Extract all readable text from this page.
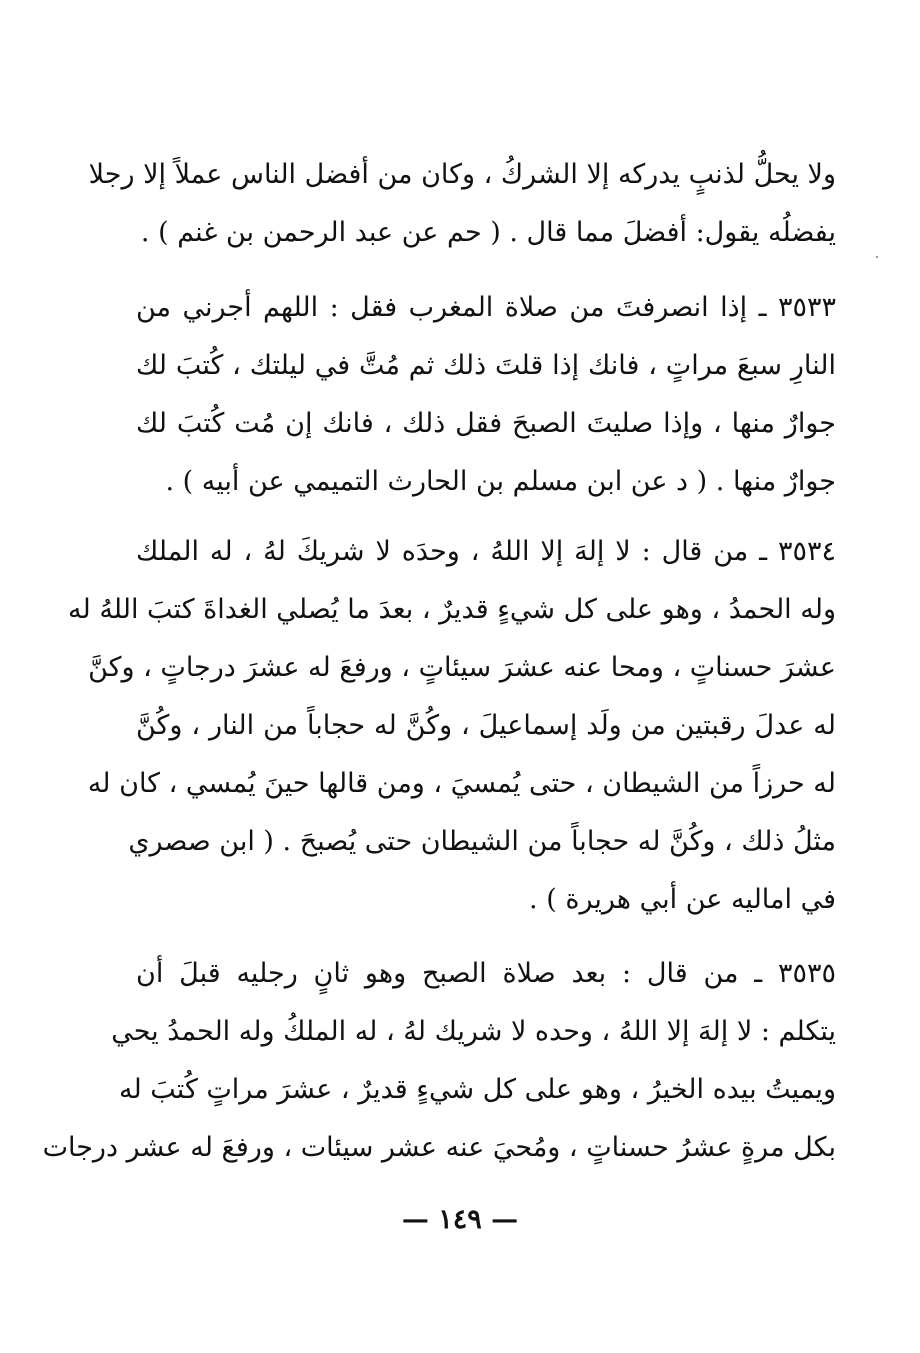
ولا يحلُّ لذنبٍ يدركه إلا الشركُ ، وكان من أفضل الناس عملاً إلا رجلا
يفضلُه يقول: أفضلَ مما قال . ( حم عن عبد الرحمن بن غنم ) .
٣٥٣٣ ـ إذا انصرفتَ من صلاة المغرب فقل : اللهم أجرني من
النارِ سبعَ مراتٍ ، فانك إذا قلتَ ذلك ثم مُتَّ في ليلتك ، كُتبَ لك
جوارٌ منها ، وإذا صليتَ الصبحَ فقل ذلك ، فانك إن مُت كُتبَ لك
جوارٌ منها . ( د عن ابن مسلم بن الحارث التميمي عن أبيه ) .
٣٥٣٤ ـ من قال : لا إلهَ إلا اللهُ ، وحدَه لا شريكَ لهُ ، له الملك
وله الحمدُ ، وهو على كل شيءٍ قديرٌ ، بعدَ ما يُصلي الغداةَ كتبَ اللهُ له
عشرَ حسناتٍ ، ومحا عنه عشرَ سيئاتٍ ، ورفعَ له عشرَ درجاتٍ ، وكنَّ
له عدلَ رقبتين من ولَد إسماعيلَ ، وكُنَّ له حجاباً من النار ، وكُنَّ
له حرزاً من الشيطان ، حتى يُمسيَ ، ومن قالها حينَ يُمسي ، كان له
مثلُ ذلك ، وكُنَّ له حجاباً من الشيطان حتى يُصبحَ . ( ابن صصري
في اماليه عن أبي هريرة ) .
٣٥٣٥ ـ من قال : بعد صلاة الصبح وهو ثانٍ رجليه قبلَ أن
يتكلم : لا إلهَ إلا اللهُ ، وحده لا شريك لهُ ، له الملكُ وله الحمدُ يحي
ويميتُ بيده الخيرُ ، وهو على كل شيءٍ قديرٌ ، عشرَ مراتٍ كُتبَ له
بكل مرةٍ عشرُ حسناتٍ ، ومُحيَ عنه عشر سيئات ، ورفعَ له عشر درجات
— ١٤٩ —
